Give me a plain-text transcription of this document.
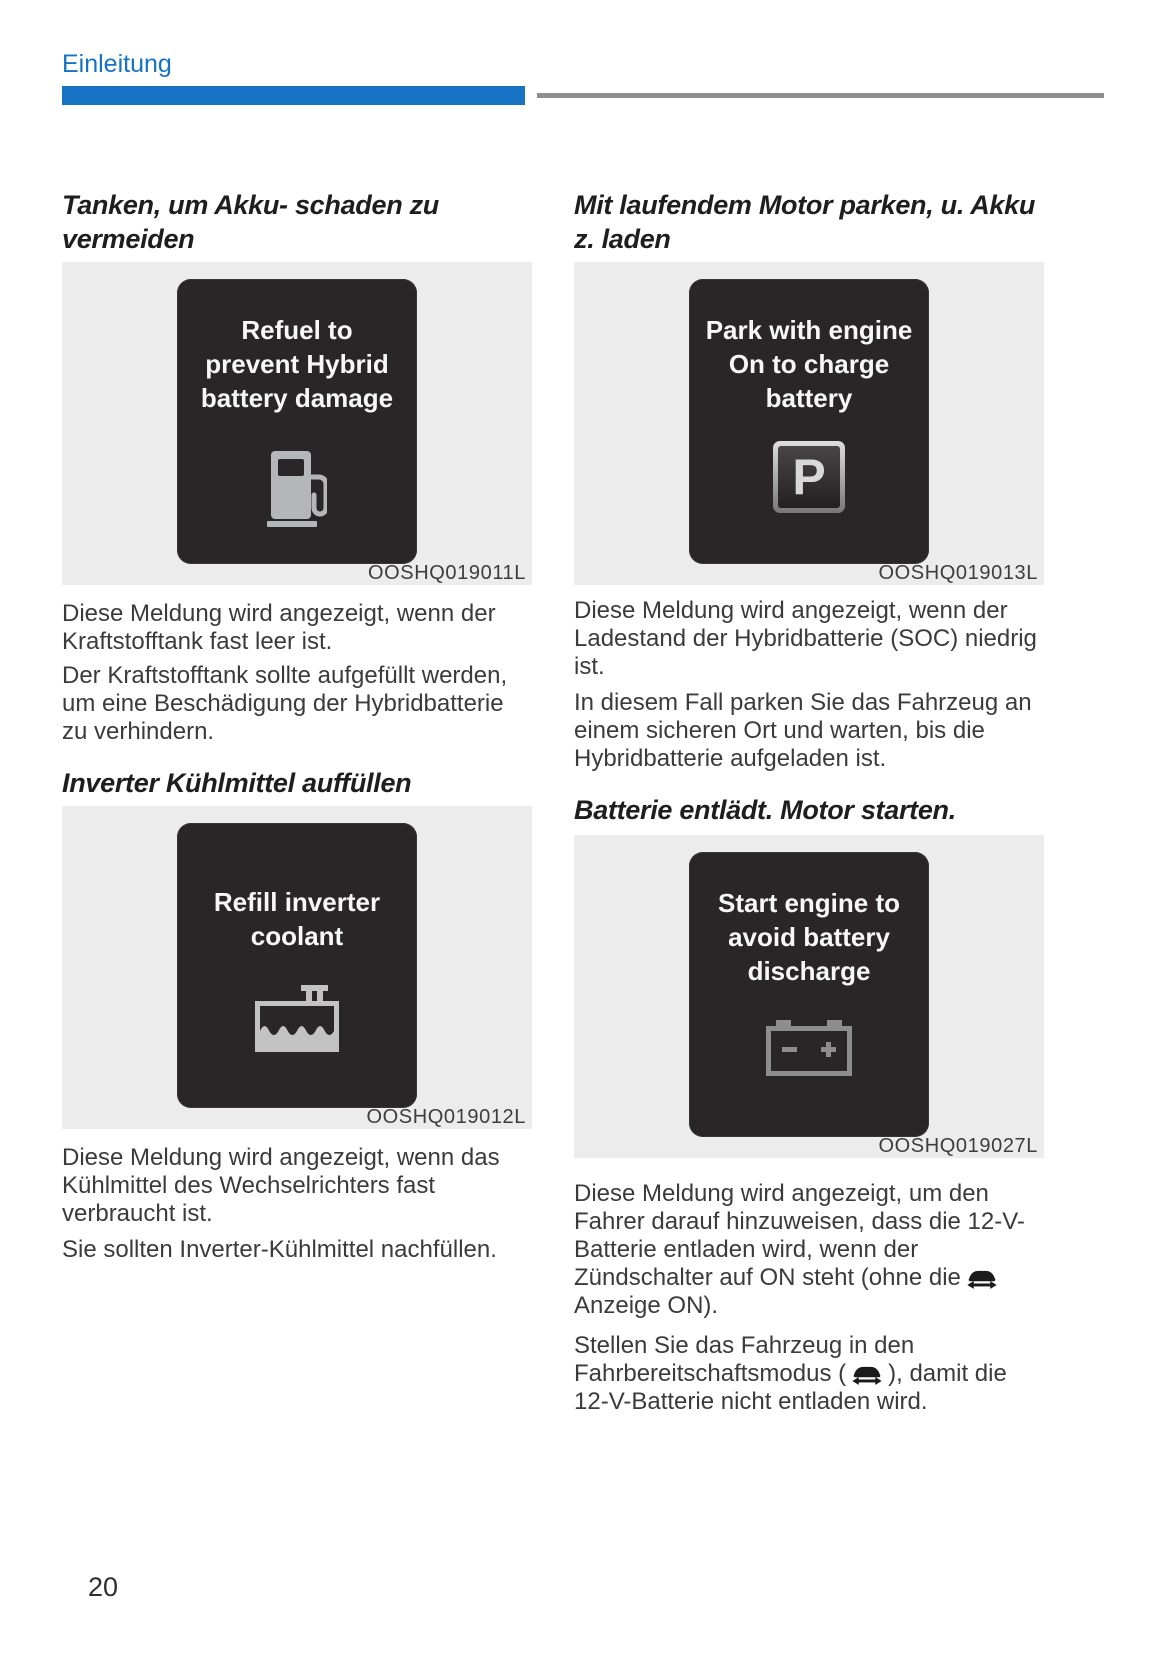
Einleitung
Tanken, um Akku- schaden zu vermeiden
Refuel to
prevent Hybrid
battery damage
OOSHQ019011L

Diese Meldung wird angezeigt, wenn der Kraftstofftank fast leer ist.

Der Kraftstofftank sollte aufgefüllt werden, um eine Beschädigung der Hybridbatterie zu verhindern.

Inverter Kühlmittel auffüllen
Refill inverter
coolant
OOSHQ019012L

Diese Meldung wird angezeigt, wenn das Kühlmittel des Wechselrichters fast verbraucht ist.

Sie sollten Inverter-Kühlmittel nachfüllen.

Mit laufendem Motor parken, u. Akku z. laden
Park with engine
On to charge
battery
P
OOSHQ019013L

Diese Meldung wird angezeigt, wenn der Ladestand der Hybridbatterie (SOC) niedrig ist.

In diesem Fall parken Sie das Fahrzeug an einem sicheren Ort und warten, bis die Hybridbatterie aufgeladen ist.

Batterie entlädt. Motor starten.
Start engine to
avoid battery
discharge
OOSHQ019027L

Diese Meldung wird angezeigt, um den Fahrer darauf hinzuweisen, dass die 12-V-Batterie entladen wird, wenn der Zündschalter auf ON steht (ohne dieAnzeige ON).

Stellen Sie das Fahrzeug in den Fahrbereitschaftsmodus ( ), damit die 12-V-Batterie nicht entladen wird.

20
